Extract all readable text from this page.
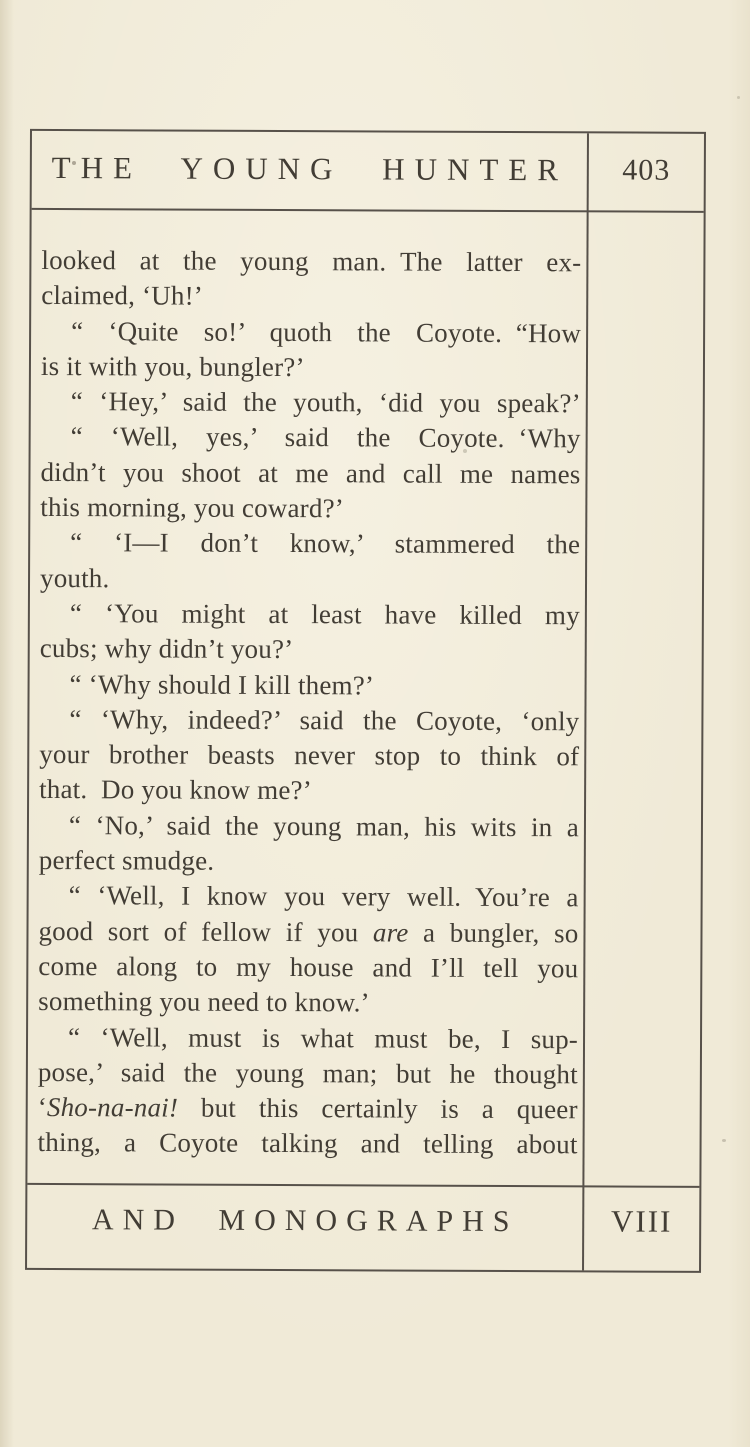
THE YOUNG HUNTER	403
looked at the young man. The latter ex-
claimed, ‘Uh!’
“ ‘Quite so!’ quoth the Coyote. “How
is it with you, bungler?’
“ ‘Hey,’ said the youth, ‘did you speak?’
“ ‘Well, yes,’ said the Coyote. ‘Why
didn’t you shoot at me and call me names
this morning, you coward?’
“ ‘I—I don’t know,’ stammered the
youth.
“ ‘You might at least have killed my
cubs; why didn’t you?’
“ ‘Why should I kill them?’
“ ‘Why, indeed?’ said the Coyote, ‘only
your brother beasts never stop to think of
that. Do you know me?’
“ ‘No,’ said the young man, his wits in a
perfect smudge.
“ ‘Well, I know you very well. You’re a
good sort of fellow if you are a bungler, so
come along to my house and I’ll tell you
something you need to know.’
“ ‘Well, must is what must be, I sup-
pose,’ said the young man; but he thought
‘Sho-na-nai! but this certainly is a queer
thing, a Coyote talking and telling about
AND MONOGRAPHS	VIII
